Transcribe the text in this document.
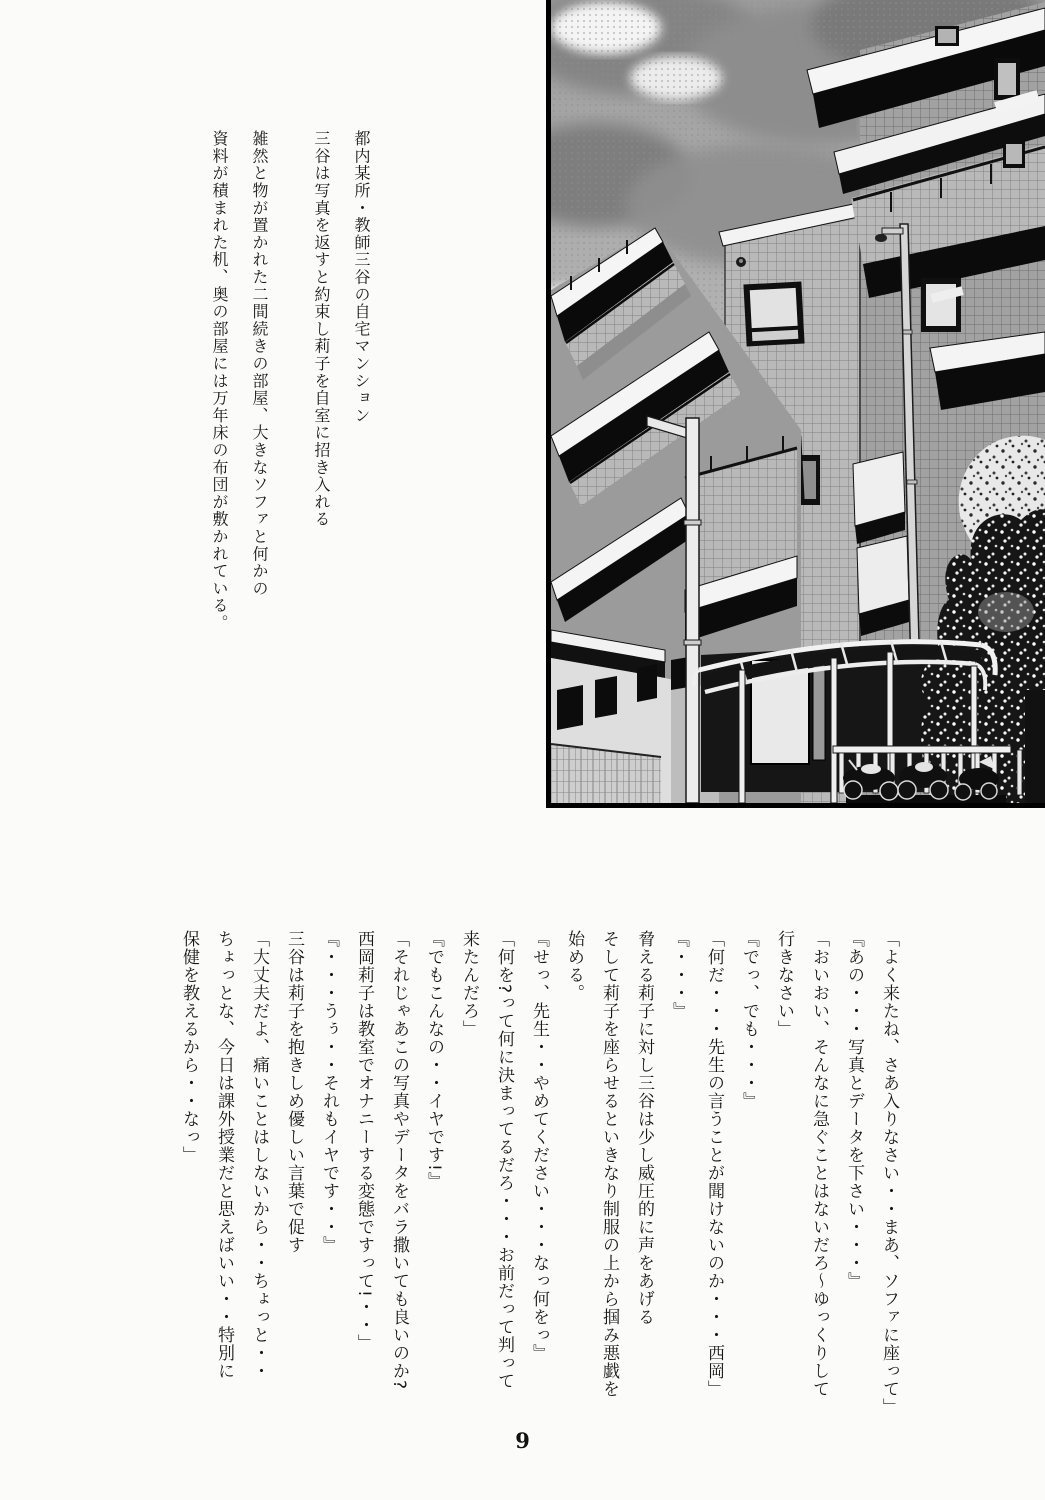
都内某所・教師三谷の自宅マンション
三谷は写真を返すと約束し莉子を自室に招き入れる
雑然と物が置かれた二間続きの部屋、大きなソファと何かの
資料が積まれた机、奥の部屋には万年床の布団が敷かれている。
「よく来たね、さあ入りなさい・・まあ、ソファに座って」
『あの・・・写真とデータを下さい・・・』
「おいおい、そんなに急ぐことはないだろ～ゆっくりして
行きなさい」
『でっ、でも・・・』
「何だ・・・先生の言うことが聞けないのか・・・西岡」
『・・・』
脅える莉子に対し三谷は少し威圧的に声をあげる
そして莉子を座らせるといきなり制服の上から掴み悪戯を
始める。
『せっ、先生・・やめてください・・・なっ何をっ』
「何を?って何に決まってるだろ・・・お前だって判って
来たんだろ」
『でもこんなの・・イヤです!』
「それじゃあこの写真やデータをバラ撒いても良いのか?
西岡莉子は教室でオナニーする変態ですって!・・」
『・・・うぅ・・それもイヤです・・』
三谷は莉子を抱きしめ優しい言葉で促す
「大丈夫だよ、痛いことはしないから・・ちょっと・・
ちょっとな、今日は課外授業だと思えばいい・・特別に
保健を教えるから・・なっ」
9
